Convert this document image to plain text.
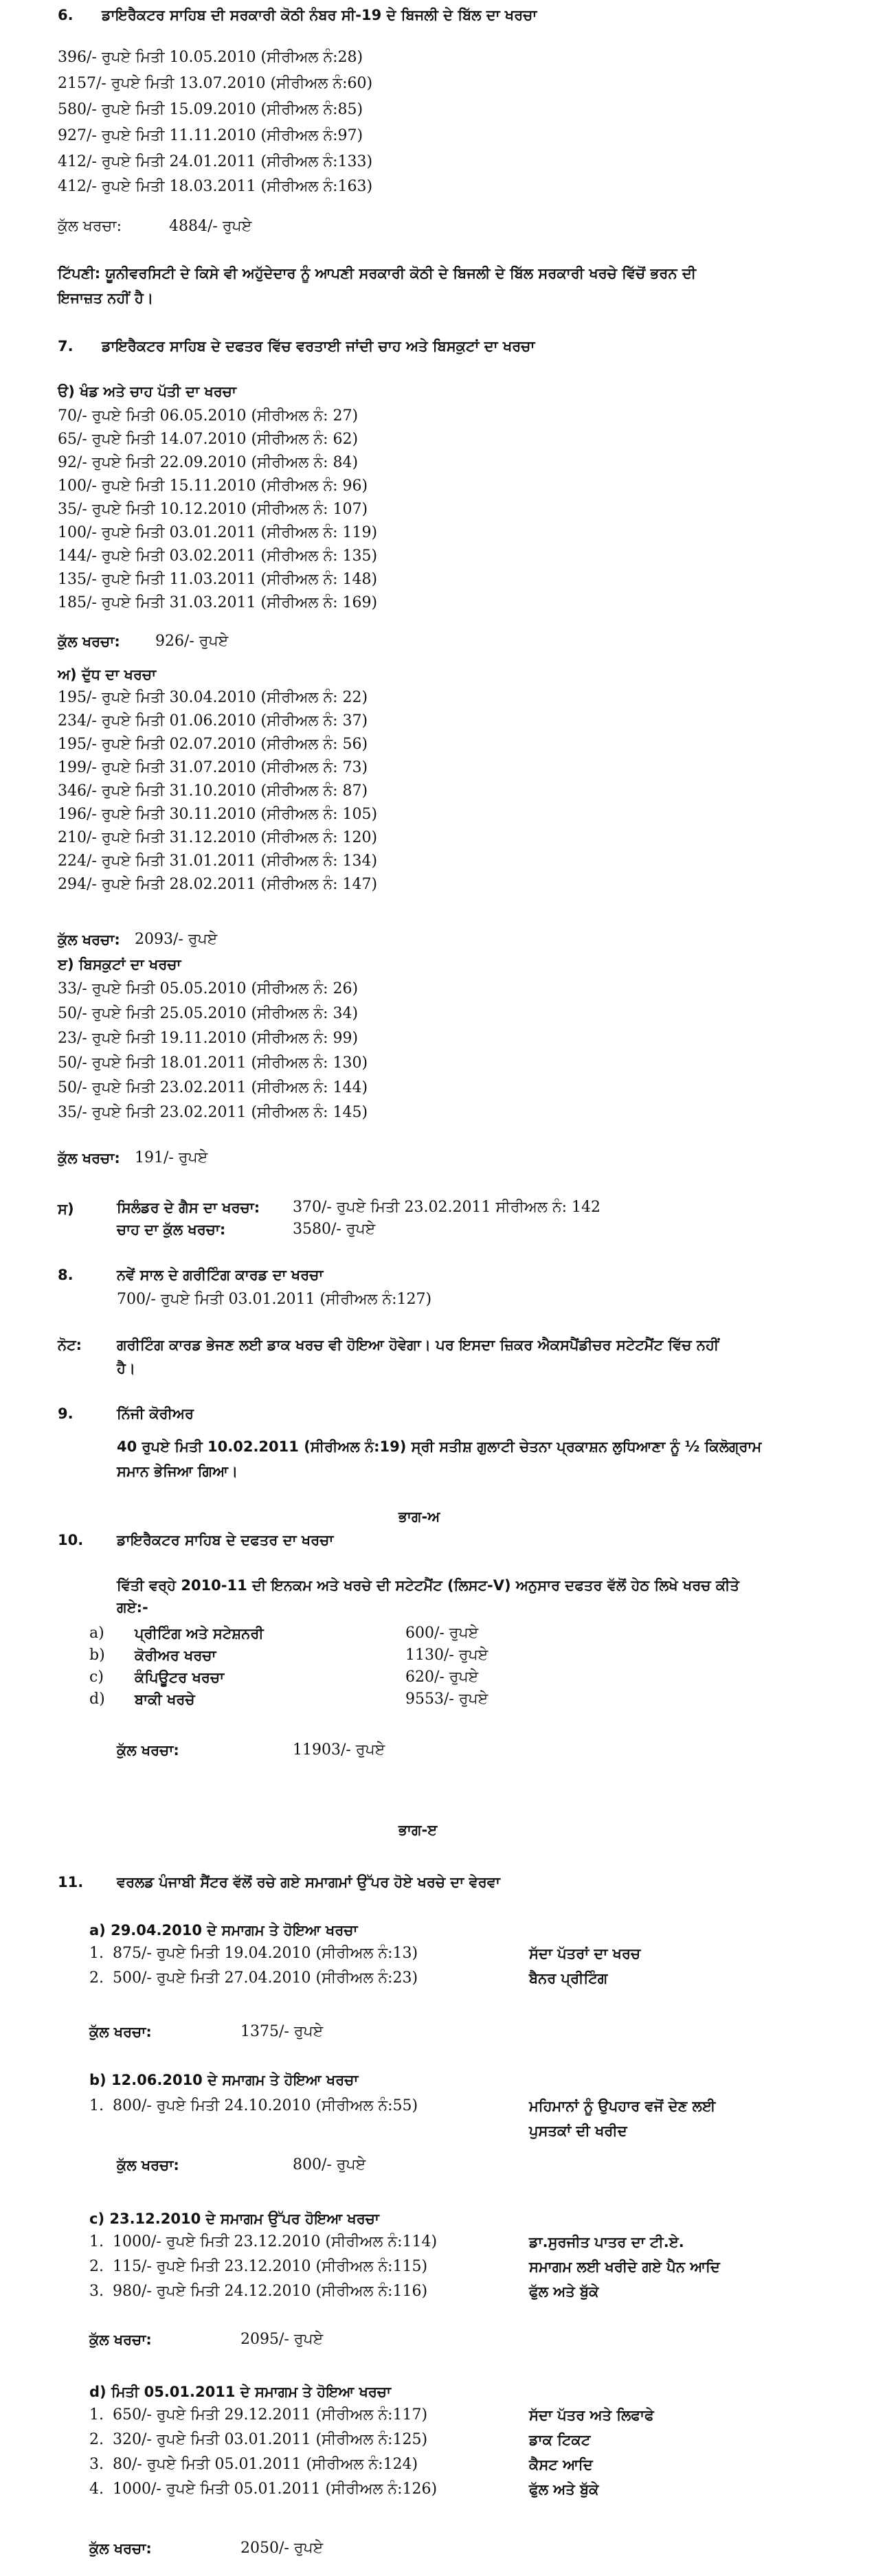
6. ਡਾਇਰੈਕਟਰ ਸਾਹਿਬ ਦੀ ਸਰਕਾਰੀ ਕੋਠੀ ਨੰਬਰ ਸੀ-19 ਦੇ ਬਿਜਲੀ ਦੇ ਬਿੱਲ ਦਾ ਖਰਚਾ
396/- ਰੁਪਏ ਮਿਤੀ 10.05.2010 (ਸੀਰੀਅਲ ਨੰ:28)
2157/- ਰੁਪਏ ਮਿਤੀ 13.07.2010 (ਸੀਰੀਅਲ ਨੰ:60)
580/- ਰੁਪਏ ਮਿਤੀ 15.09.2010 (ਸੀਰੀਅਲ ਨੰ:85)
927/- ਰੁਪਏ ਮਿਤੀ 11.11.2010 (ਸੀਰੀਅਲ ਨੰ:97)
412/- ਰੁਪਏ ਮਿਤੀ 24.01.2011 (ਸੀਰੀਅਲ ਨੰ:133)
412/- ਰੁਪਏ ਮਿਤੀ 18.03.2011 (ਸੀਰੀਅਲ ਨੰ:163)
ਕੁੱਲ ਖਰਚਾ:	4884/- ਰੁਪਏ
ਟਿੱਪਣੀ: ਯੂਨੀਵਰਸਿਟੀ ਦੇ ਕਿਸੇ ਵੀ ਅਹੁੱਦੇਦਾਰ ਨੂੰ ਆਪਣੀ ਸਰਕਾਰੀ ਕੋਠੀ ਦੇ ਬਿਜਲੀ ਦੇ ਬਿੱਲ ਸਰਕਾਰੀ ਖਰਚੇ ਵਿੱਚੋਂ ਭਰਨ ਦੀ
ਇਜਾਜ਼ਤ ਨਹੀਂ ਹੈ।
7. ਡਾਇਰੈਕਟਰ ਸਾਹਿਬ ਦੇ ਦਫਤਰ ਵਿੱਚ ਵਰਤਾਈ ਜਾਂਦੀ ਚਾਹ ਅਤੇ ਬਿਸਕੁਟਾਂ ਦਾ ਖਰਚਾ
ੳ) ਖੰਡ ਅਤੇ ਚਾਹ ਪੱਤੀ ਦਾ ਖਰਚਾ
70/- ਰੁਪਏ ਮਿਤੀ 06.05.2010 (ਸੀਰੀਅਲ ਨੰ: 27)
65/- ਰੁਪਏ ਮਿਤੀ 14.07.2010 (ਸੀਰੀਅਲ ਨੰ: 62)
92/- ਰੁਪਏ ਮਿਤੀ 22.09.2010 (ਸੀਰੀਅਲ ਨੰ: 84)
100/- ਰੁਪਏ ਮਿਤੀ 15.11.2010 (ਸੀਰੀਅਲ ਨੰ: 96)
35/- ਰੁਪਏ ਮਿਤੀ 10.12.2010 (ਸੀਰੀਅਲ ਨੰ: 107)
100/- ਰੁਪਏ ਮਿਤੀ 03.01.2011 (ਸੀਰੀਅਲ ਨੰ: 119)
144/- ਰੁਪਏ ਮਿਤੀ 03.02.2011 (ਸੀਰੀਅਲ ਨੰ: 135)
135/- ਰੁਪਏ ਮਿਤੀ 11.03.2011 (ਸੀਰੀਅਲ ਨੰ: 148)
185/- ਰੁਪਏ ਮਿਤੀ 31.03.2011 (ਸੀਰੀਅਲ ਨੰ: 169)
ਕੁੱਲ ਖਰਚਾ: 926/- ਰੁਪਏ
ਅ) ਦੁੱਧ ਦਾ ਖਰਚਾ
195/- ਰੁਪਏ ਮਿਤੀ 30.04.2010 (ਸੀਰੀਅਲ ਨੰ: 22)
234/- ਰੁਪਏ ਮਿਤੀ 01.06.2010 (ਸੀਰੀਅਲ ਨੰ: 37)
195/- ਰੁਪਏ ਮਿਤੀ 02.07.2010 (ਸੀਰੀਅਲ ਨੰ: 56)
199/- ਰੁਪਏ ਮਿਤੀ 31.07.2010 (ਸੀਰੀਅਲ ਨੰ: 73)
346/- ਰੁਪਏ ਮਿਤੀ 31.10.2010 (ਸੀਰੀਅਲ ਨੰ: 87)
196/- ਰੁਪਏ ਮਿਤੀ 30.11.2010 (ਸੀਰੀਅਲ ਨੰ: 105)
210/- ਰੁਪਏ ਮਿਤੀ 31.12.2010 (ਸੀਰੀਅਲ ਨੰ: 120)
224/- ਰੁਪਏ ਮਿਤੀ 31.01.2011 (ਸੀਰੀਅਲ ਨੰ: 134)
294/- ਰੁਪਏ ਮਿਤੀ 28.02.2011 (ਸੀਰੀਅਲ ਨੰ: 147)
ਕੁੱਲ ਖਰਚਾ: 2093/- ਰੁਪਏ
ੲ) ਬਿਸਕੁਟਾਂ ਦਾ ਖਰਚਾ
33/- ਰੁਪਏ ਮਿਤੀ 05.05.2010 (ਸੀਰੀਅਲ ਨੰ: 26)
50/- ਰੁਪਏ ਮਿਤੀ 25.05.2010 (ਸੀਰੀਅਲ ਨੰ: 34)
23/- ਰੁਪਏ ਮਿਤੀ 19.11.2010 (ਸੀਰੀਅਲ ਨੰ: 99)
50/- ਰੁਪਏ ਮਿਤੀ 18.01.2011 (ਸੀਰੀਅਲ ਨੰ: 130)
50/- ਰੁਪਏ ਮਿਤੀ 23.02.2011 (ਸੀਰੀਅਲ ਨੰ: 144)
35/- ਰੁਪਏ ਮਿਤੀ 23.02.2011 (ਸੀਰੀਅਲ ਨੰ: 145)
ਕੁੱਲ ਖਰਚਾ: 191/- ਰੁਪਏ
ਸ)	ਸਿਲੰਡਰ ਦੇ ਗੈਸ ਦਾ ਖਰਚਾ: 370/- ਰੁਪਏ ਮਿਤੀ 23.02.2011 ਸੀਰੀਅਲ ਨੰ: 142
ਚਾਹ ਦਾ ਕੁੱਲ ਖਰਚਾ:	3580/- ਰੁਪਏ
8.	ਨਵੇਂ ਸਾਲ ਦੇ ਗਰੀਟਿੰਗ ਕਾਰਡ ਦਾ ਖਰਚਾ
700/- ਰੁਪਏ ਮਿਤੀ 03.01.2011 (ਸੀਰੀਅਲ ਨੰ:127)
ਨੋਟ: ਗਰੀਟਿੰਗ ਕਾਰਡ ਭੇਜਣ ਲਈ ਡਾਕ ਖਰਚ ਵੀ ਹੋਇਆ ਹੋਵੇਗਾ। ਪਰ ਇਸਦਾ ਜ਼ਿਕਰ ਐਕਸਪੈਂਡੀਚਰ ਸਟੇਟਮੈਂਟ ਵਿੱਚ ਨਹੀਂ
ਹੈ।
9.	ਨਿੱਜੀ ਕੋਰੀਅਰ
40 ਰੁਪਏ ਮਿਤੀ 10.02.2011 (ਸੀਰੀਅਲ ਨੰ:19) ਸ੍ਰੀ ਸਤੀਸ਼ ਗੁਲਾਟੀ ਚੇਤਨਾ ਪ੍ਰਕਾਸ਼ਨ ਲੁਧਿਆਣਾ ਨੂੰ ½ ਕਿਲੋਗ੍ਰਾਮ
ਸਮਾਨ ਭੇਜਿਆ ਗਿਆ।
ਭਾਗ-ਅ
10. ਡਾਇਰੈਕਟਰ ਸਾਹਿਬ ਦੇ ਦਫਤਰ ਦਾ ਖਰਚਾ
ਵਿੱਤੀ ਵਰ੍ਹੇ 2010-11 ਦੀ ਇਨਕਮ ਅਤੇ ਖਰਚੇ ਦੀ ਸਟੇਟਮੈਂਟ (ਲਿਸਟ-V) ਅਨੁਸਾਰ ਦਫਤਰ ਵੱਲੋਂ ਹੇਠ ਲਿਖੇ ਖਰਚ ਕੀਤੇ
ਗਏ:-
a) ਪ੍ਰੀਟਿੰਗ ਅਤੇ ਸਟੇਸ਼ਨਰੀ	600/- ਰੁਪਏ
b) ਕੋਰੀਅਰ ਖਰਚਾ	1130/- ਰੁਪਏ
c) ਕੰਪਿਊਟਰ ਖਰਚਾ	620/- ਰੁਪਏ
d) ਬਾਕੀ ਖਰਚੇ	9553/- ਰੁਪਏ
ਕੁੱਲ ਖਰਚਾ:	11903/- ਰੁਪਏ
ਭਾਗ-ੲ
11. ਵਰਲਡ ਪੰਜਾਬੀ ਸੈਂਟਰ ਵੱਲੋਂ ਰਚੇ ਗਏ ਸਮਾਗਮਾਂ ਉੱਪਰ ਹੋਏ ਖਰਚੇ ਦਾ ਵੇਰਵਾ
a) 29.04.2010 ਦੇ ਸਮਾਗਮ ਤੇ ਹੋਇਆ ਖਰਚਾ
1. 875/- ਰੁਪਏ ਮਿਤੀ 19.04.2010 (ਸੀਰੀਅਲ ਨੰ:13)	ਸੱਦਾ ਪੱਤਰਾਂ ਦਾ ਖਰਚ
2. 500/- ਰੁਪਏ ਮਿਤੀ 27.04.2010 (ਸੀਰੀਅਲ ਨੰ:23)	ਬੈਨਰ ਪ੍ਰੀਟਿੰਗ
ਕੁੱਲ ਖਰਚਾ:	1375/- ਰੁਪਏ
b) 12.06.2010 ਦੇ ਸਮਾਗਮ ਤੇ ਹੋਇਆ ਖਰਚਾ
1. 800/- ਰੁਪਏ ਮਿਤੀ 24.10.2010 (ਸੀਰੀਅਲ ਨੰ:55)	ਮਹਿਮਾਨਾਂ ਨੂੰ ਉਪਹਾਰ ਵਜੋਂ ਦੇਣ ਲਈ
ਪੁਸਤਕਾਂ ਦੀ ਖਰੀਦ
ਕੁੱਲ ਖਰਚਾ:	800/- ਰੁਪਏ
c) 23.12.2010 ਦੇ ਸਮਾਗਮ ਉੱਪਰ ਹੋਇਆ ਖਰਚਾ
1. 1000/- ਰੁਪਏ ਮਿਤੀ 23.12.2010 (ਸੀਰੀਅਲ ਨੰ:114)	ਡਾ.ਸੁਰਜੀਤ ਪਾਤਰ ਦਾ ਟੀ.ਏ.
2. 115/- ਰੁਪਏ ਮਿਤੀ 23.12.2010 (ਸੀਰੀਅਲ ਨੰ:115)	ਸਮਾਗਮ ਲਈ ਖਰੀਦੇ ਗਏ ਪੈਨ ਆਦਿ
3. 980/- ਰੁਪਏ ਮਿਤੀ 24.12.2010 (ਸੀਰੀਅਲ ਨੰ:116)	ਫੁੱਲ ਅਤੇ ਬੁੱਕੇ
ਕੁੱਲ ਖਰਚਾ:	2095/- ਰੁਪਏ
d) ਮਿਤੀ 05.01.2011 ਦੇ ਸਮਾਗਮ ਤੇ ਹੋਇਆ ਖਰਚਾ
1. 650/- ਰੁਪਏ ਮਿਤੀ 29.12.2011 (ਸੀਰੀਅਲ ਨੰ:117)	ਸੱਦਾ ਪੱਤਰ ਅਤੇ ਲਿਫਾਫੇ
2. 320/- ਰੁਪਏ ਮਿਤੀ 03.01.2011 (ਸੀਰੀਅਲ ਨੰ:125)	ਡਾਕ ਟਿਕਟ
3. 80/- ਰੁਪਏ ਮਿਤੀ 05.01.2011 (ਸੀਰੀਅਲ ਨੰ:124)	ਕੈਸਟ ਆਦਿ
4. 1000/- ਰੁਪਏ ਮਿਤੀ 05.01.2011 (ਸੀਰੀਅਲ ਨੰ:126)	ਫੁੱਲ ਅਤੇ ਬੁੱਕੇ
ਕੁੱਲ ਖਰਚਾ:	2050/- ਰੁਪਏ
